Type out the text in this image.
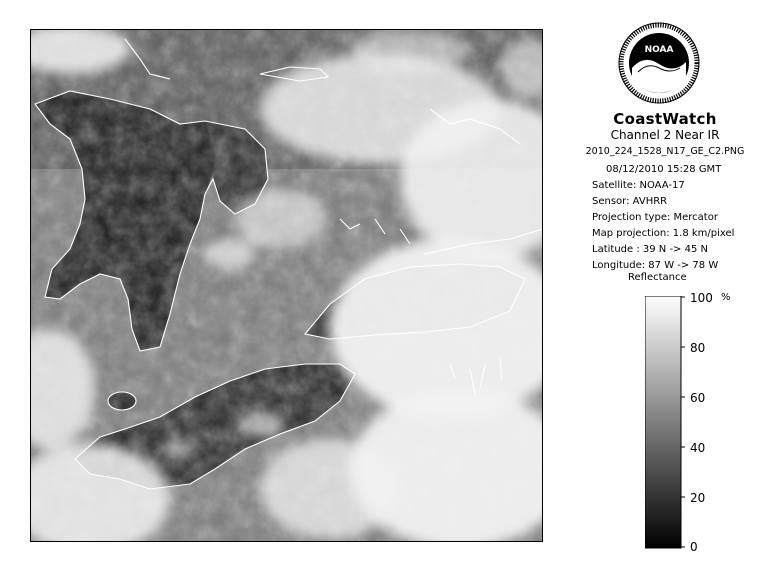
NOAA
CoastWatch
Channel 2 Near IR
2010_224_1528_N17_GE_C2.PNG
08/12/2010 15:28 GMT
Satellite: NOAA-17
Sensor: AVHRR
Projection type: Mercator
Map projection: 1.8 km/pixel
Latitude : 39 N -> 45 N
Longitude: 87 W -> 78 W
Reflectance
%
100
80
60
40
20
0
